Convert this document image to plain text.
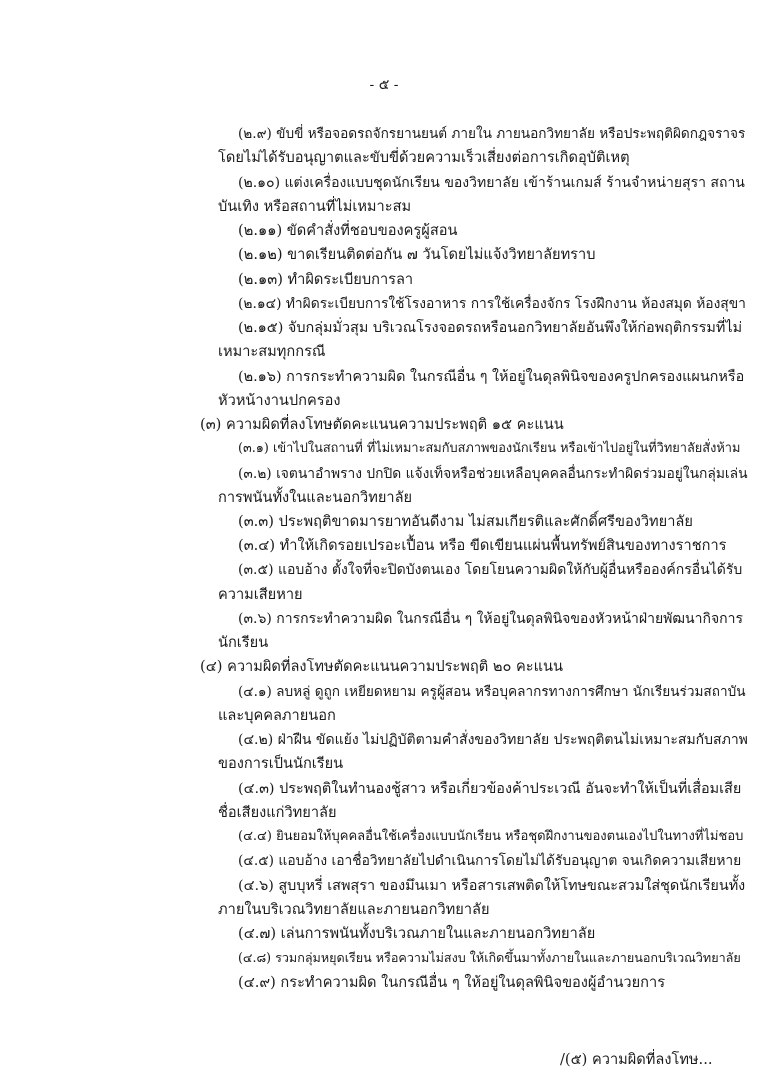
- ๕ -
(๒.๙) ขับขี่ หรือจอดรถจักรยานยนต์ ภายใน ภายนอกวิทยาลัย หรือประพฤติผิดกฎจราจร
โดยไม่ได้รับอนุญาตและขับขี่ด้วยความเร็วเสี่ยงต่อการเกิดอุบัติเหตุ
(๒.๑๐) แต่งเครื่องแบบชุดนักเรียน ของวิทยาลัย เข้าร้านเกมส์ ร้านจำหน่ายสุรา สถาน
บันเทิง หรือสถานที่ไม่เหมาะสม
(๒.๑๑) ขัดคำสั่งที่ชอบของครูผู้สอน
(๒.๑๒) ขาดเรียนติดต่อกัน ๗ วันโดยไม่แจ้งวิทยาลัยทราบ
(๒.๑๓) ทำผิดระเบียบการลา
(๒.๑๔) ทำผิดระเบียบการใช้โรงอาหาร การใช้เครื่องจักร โรงฝึกงาน ห้องสมุด ห้องสุขา
(๒.๑๕) จับกลุ่มมั่วสุม บริเวณโรงจอดรถหรือนอกวิทยาลัยอันพึงให้ก่อพฤติกรรมที่ไม่
เหมาะสมทุกกรณี
(๒.๑๖) การกระทำความผิด ในกรณีอื่น ๆ ให้อยู่ในดุลพินิจของครูปกครองแผนกหรือ
หัวหน้างานปกครอง
(๓) ความผิดที่ลงโทษตัดคะแนนความประพฤติ ๑๕ คะแนน
(๓.๑) เข้าไปในสถานที่ ที่ไม่เหมาะสมกับสภาพของนักเรียน หรือเข้าไปอยู่ในที่วิทยาลัยสั่งห้าม
(๓.๒) เจตนาอำพราง ปกปิด แจ้งเท็จหรือช่วยเหลือบุคคลอื่นกระทำผิดร่วมอยู่ในกลุ่มเล่น
การพนันทั้งในและนอกวิทยาลัย
(๓.๓) ประพฤติขาดมารยาทอันดีงาม ไม่สมเกียรติและศักดิ์ศรีของวิทยาลัย
(๓.๔) ทำให้เกิดรอยเปรอะเปื้อน หรือ ขีดเขียนแผ่นพื้นทรัพย์สินของทางราชการ
(๓.๕) แอบอ้าง ตั้งใจที่จะปิดบังตนเอง โดยโยนความผิดให้กับผู้อื่นหรือองค์กรอื่นได้รับ
ความเสียหาย
(๓.๖) การกระทำความผิด ในกรณีอื่น ๆ ให้อยู่ในดุลพินิจของหัวหน้าฝ่ายพัฒนากิจการ
นักเรียน
(๔) ความผิดที่ลงโทษตัดคะแนนความประพฤติ ๒๐ คะแนน
(๔.๑) ลบหลู่ ดูถูก เหยียดหยาม ครูผู้สอน หรือบุคลากรทางการศึกษา นักเรียนร่วมสถาบัน
และบุคคลภายนอก
(๔.๒) ฝ่าฝืน ขัดแย้ง ไม่ปฏิบัติตามคำสั่งของวิทยาลัย ประพฤติตนไม่เหมาะสมกับสภาพ
ของการเป็นนักเรียน
(๔.๓) ประพฤติในทำนองชู้สาว หรือเกี่ยวข้องค้าประเวณี อันจะทำให้เป็นที่เสื่อมเสีย
ชื่อเสียงแก่วิทยาลัย
(๔.๔) ยินยอมให้บุคคลอื่นใช้เครื่องแบบนักเรียน หรือชุดฝึกงานของตนเองไปในทางที่ไม่ชอบ
(๔.๕) แอบอ้าง เอาชื่อวิทยาลัยไปดำเนินการโดยไม่ได้รับอนุญาต จนเกิดความเสียหาย
(๔.๖) สูบบุหรี่ เสพสุรา ของมึนเมา หรือสารเสพติดให้โทษขณะสวมใส่ชุดนักเรียนทั้ง
ภายในบริเวณวิทยาลัยและภายนอกวิทยาลัย
(๔.๗) เล่นการพนันทั้งบริเวณภายในและภายนอกวิทยาลัย
(๔.๘) รวมกลุ่มหยุดเรียน หรือความไม่สงบ ให้เกิดขึ้นมาทั้งภายในและภายนอกบริเวณวิทยาลัย
(๔.๙) กระทำความผิด ในกรณีอื่น ๆ ให้อยู่ในดุลพินิจของผู้อำนวยการ
/(๕) ความผิดที่ลงโทษ...
